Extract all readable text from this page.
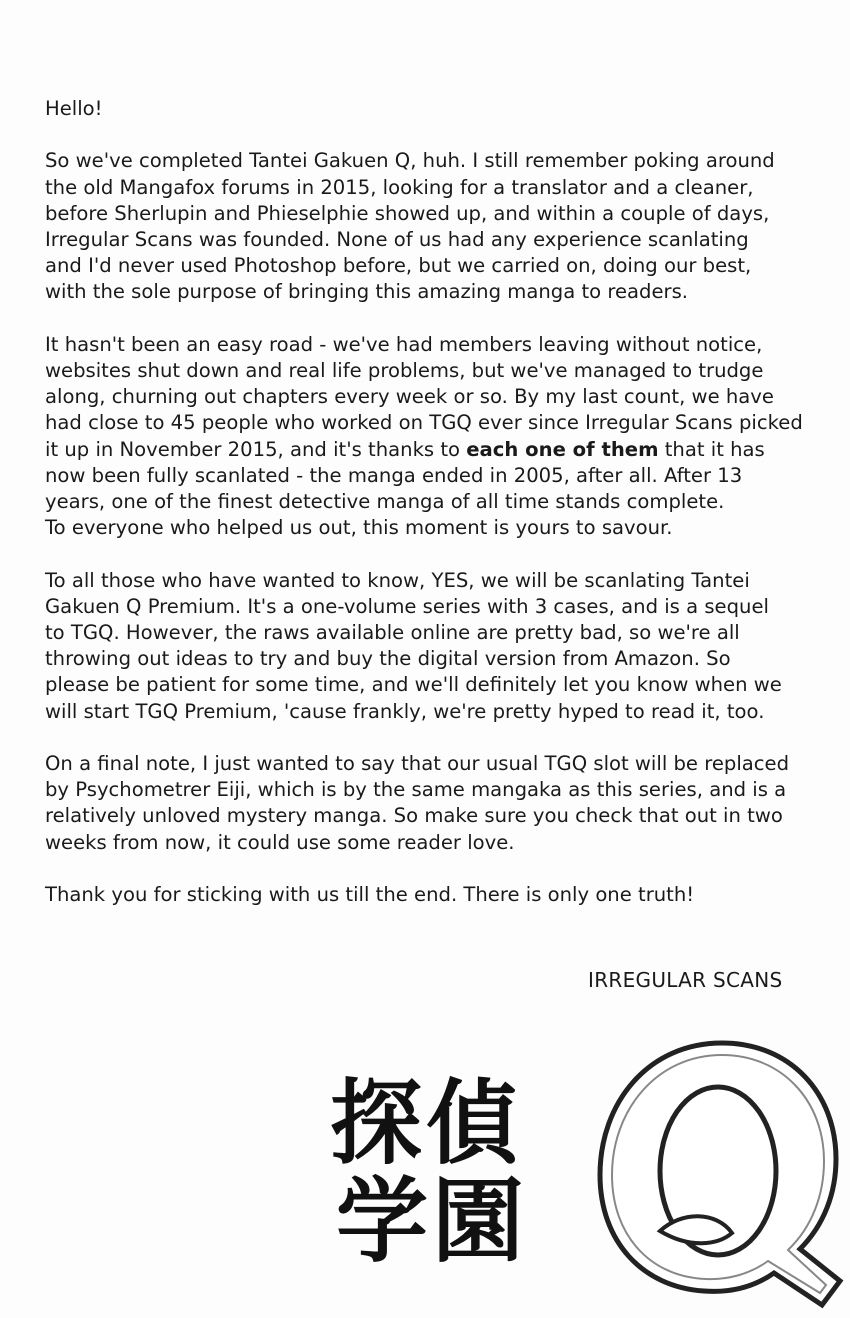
Hello!
So we've completed Tantei Gakuen Q, huh. I still remember poking around
the old Mangafox forums in 2015, looking for a translator and a cleaner,
before Sherlupin and Phieselphie showed up, and within a couple of days,
Irregular Scans was founded. None of us had any experience scanlating
and I'd never used Photoshop before, but we carried on, doing our best,
with the sole purpose of bringing this amazing manga to readers.
It hasn't been an easy road - we've had members leaving without notice,
websites shut down and real life problems, but we've managed to trudge
along, churning out chapters every week or so. By my last count, we have
had close to 45 people who worked on TGQ ever since Irregular Scans picked
it up in November 2015, and it's thanks to each one of them that it has
now been fully scanlated - the manga ended in 2005, after all. After 13
years, one of the finest detective manga of all time stands complete.
To everyone who helped us out, this moment is yours to savour.
To all those who have wanted to know, YES, we will be scanlating Tantei
Gakuen Q Premium. It's a one-volume series with 3 cases, and is a sequel
to TGQ. However, the raws available online are pretty bad, so we're all
throwing out ideas to try and buy the digital version from Amazon. So
please be patient for some time, and we'll definitely let you know when we
will start TGQ Premium, 'cause frankly, we're pretty hyped to read it, too.
On a final note, I just wanted to say that our usual TGQ slot will be replaced
by Psychometrer Eiji, which is by the same mangaka as this series, and is a
relatively unloved mystery manga. So make sure you check that out in two
weeks from now, it could use some reader love.
Thank you for sticking with us till the end. There is only one truth!
IRREGULAR SCANS
探 偵
学 園
